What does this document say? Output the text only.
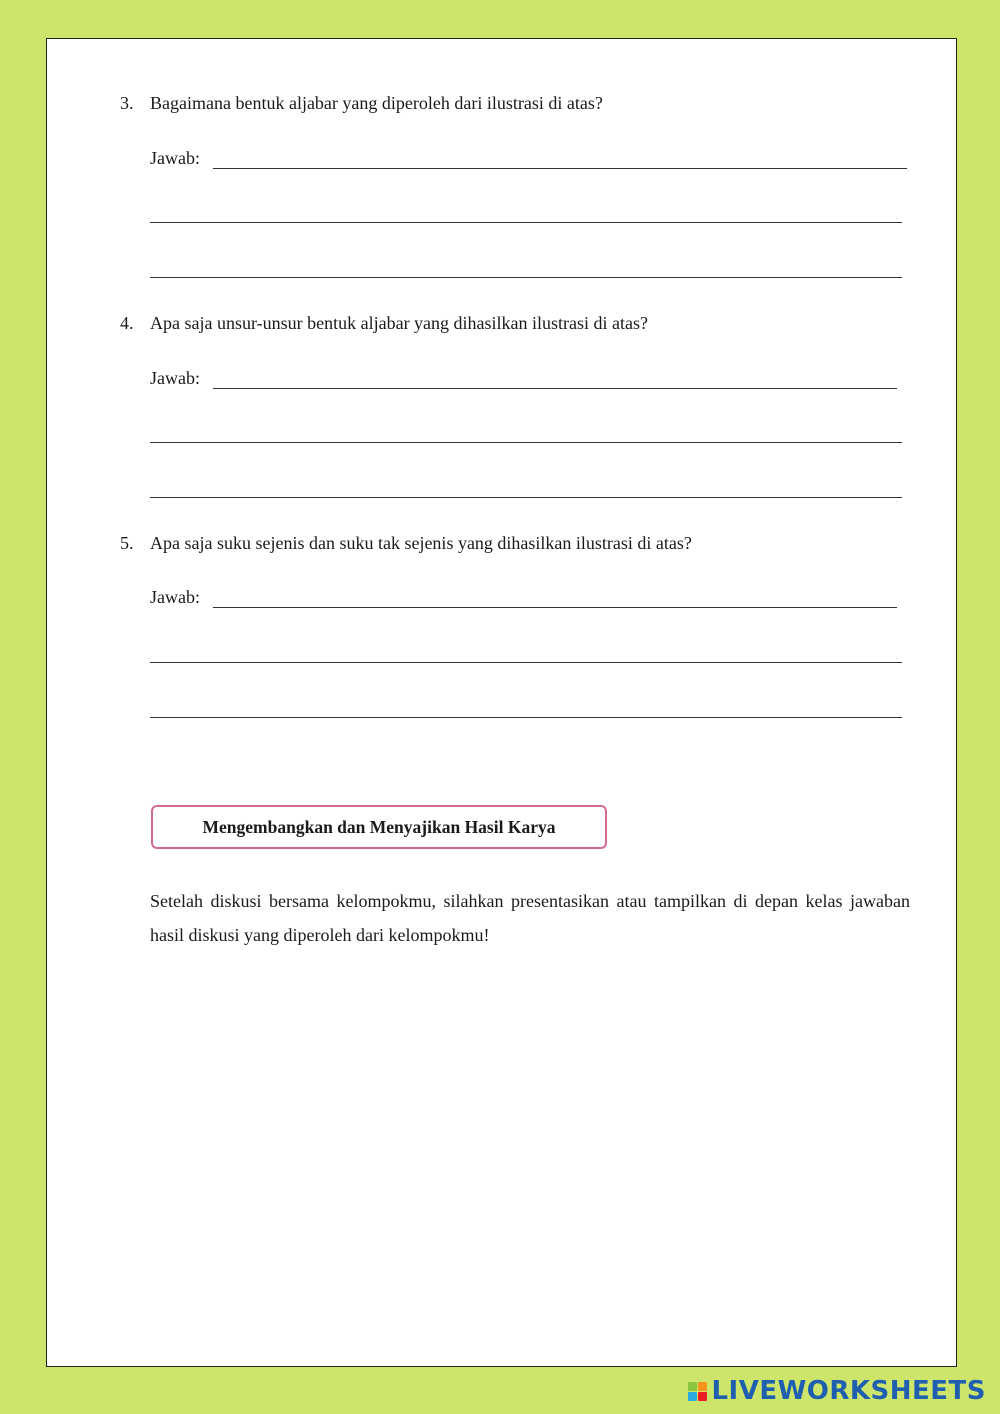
3. Bagaimana bentuk aljabar yang diperoleh dari ilustrasi di atas?
Jawab:
4. Apa saja unsur-unsur bentuk aljabar yang dihasilkan ilustrasi di atas?
Jawab:
5. Apa saja suku sejenis dan suku tak sejenis yang dihasilkan ilustrasi di atas?
Jawab:
Mengembangkan dan Menyajikan Hasil Karya
Setelah diskusi bersama kelompokmu, silahkan presentasikan atau tampilkan di depan kelas jawaban hasil diskusi yang diperoleh dari kelompokmu!
LIVEWORKSHEETS
